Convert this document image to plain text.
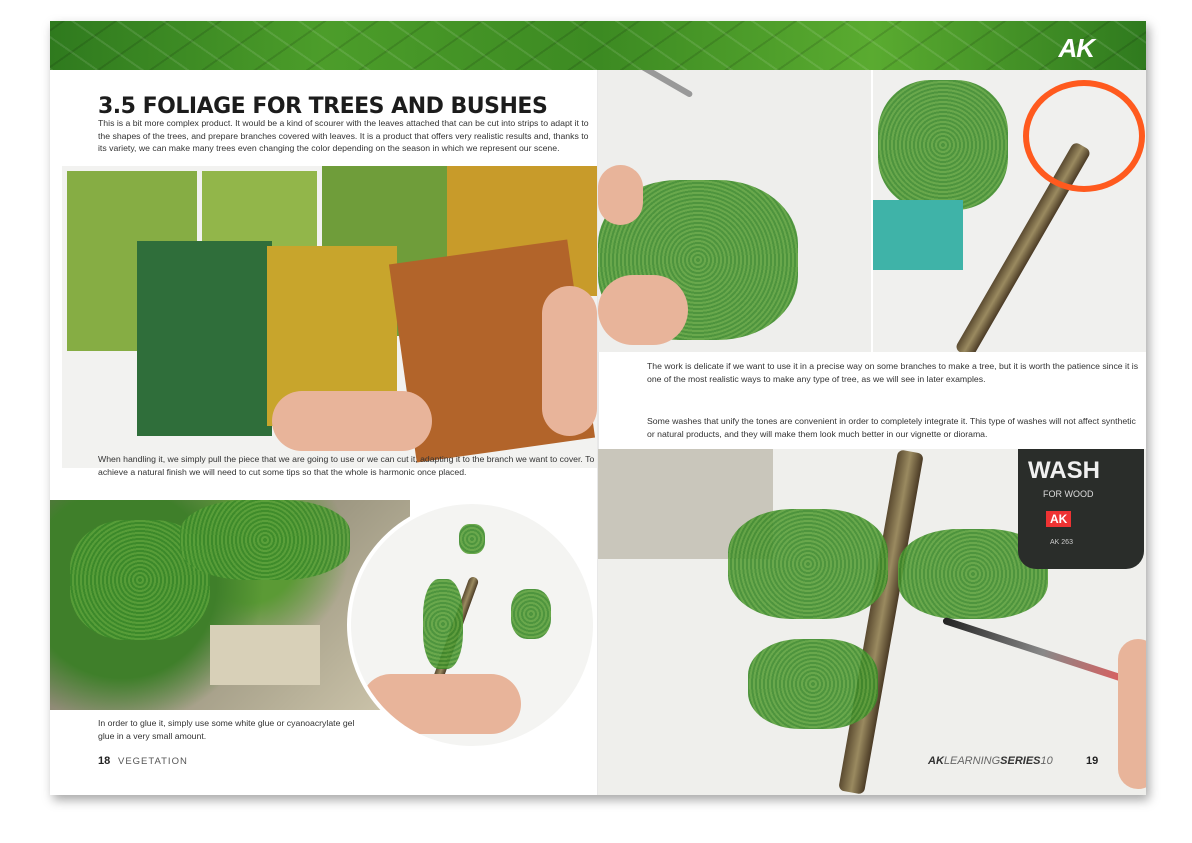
AK
3.5 FOLIAGE FOR TREES AND BUSHES
This is a bit more complex product. It would be a kind of scourer with the leaves attached that can be cut into strips to adapt it to the shapes of the trees, and prepare branches covered with leaves. It is a product that offers very realistic results and, thanks to its variety, we can make many trees even changing the color depending on the season in which we represent our scene.
When handling it, we simply pull the piece that we are going to use or we can cut it, adapting it to the branch we want to cover. To achieve a natural finish we will need to cut some tips so that the whole is harmonic once placed.
In order to glue it, simply use some white glue or cyanoacrylate gel glue in a very small amount.
18 VEGETATION
The work is delicate if we want to use it in a precise way on some branches to make a tree, but it is worth the patience since it is one of the most realistic ways to make any type of tree, as we will see in later examples.
Some washes that unify the tones are convenient in order to completely integrate it. This type of washes will not affect synthetic or natural products, and they will make them look much better in our vignette or diorama.
WASH
FOR WOOD
AK
AK 263
AKLEARNINGSERIES10	19
